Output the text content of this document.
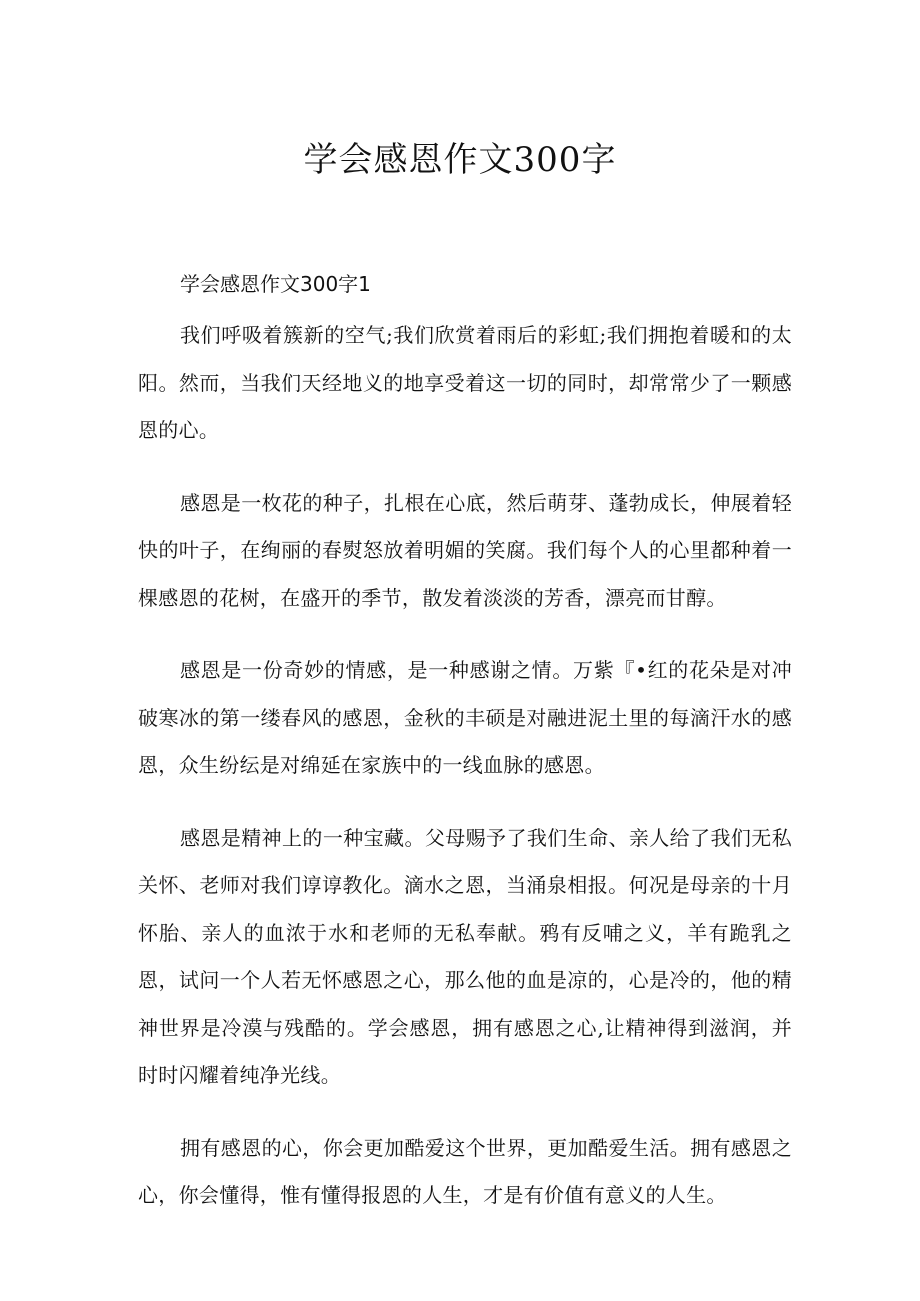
学会感恩作文300字
学会感恩作文300字1

我们呼吸着簇新的空气;我们欣赏着雨后的彩虹;我们拥抱着暖和的太阳。然而，当我们天经地义的地享受着这一切的同时，却常常少了一颗感恩的心。

感恩是一枚花的种子，扎根在心底，然后萌芽、蓬勃成长，伸展着轻快的叶子，在绚丽的春熨怒放着明媚的笑腐。我们每个人的心里都种着一棵感恩的花树，在盛开的季节，散发着淡淡的芳香，漂亮而甘醇。

感恩是一份奇妙的情感，是一种感谢之情。万紫『•红的花朵是对冲破寒冰的第一缕春风的感恩，金秋的丰硕是对融进泥土里的每滴汗水的感恩，众生纷纭是对绵延在家族中的一线血脉的感恩。

感恩是精神上的一种宝藏。父母赐予了我们生命、亲人给了我们无私关怀、老师对我们谆谆教化。滴水之恩，当涌泉相报。何况是母亲的十月怀胎、亲人的血浓于水和老师的无私奉献。鸦有反哺之义，羊有跪乳之恩，试问一个人若无怀感恩之心，那么他的血是凉的，心是冷的，他的精神世界是冷漠与残酷的。学会感恩，拥有感恩之心,让精神得到滋润，并时时闪耀着纯净光线。

拥有感恩的心，你会更加酷爱这个世界，更加酷爱生活。拥有感恩之心，你会懂得，惟有懂得报恩的人生，才是有价值有意义的人生。
